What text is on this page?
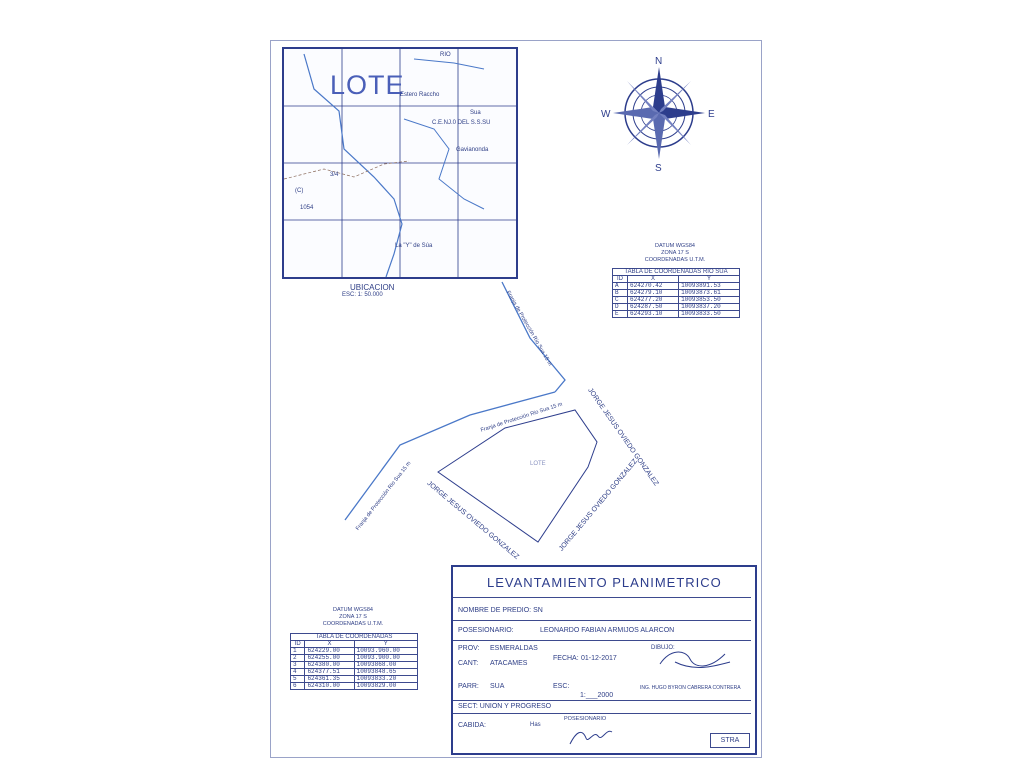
LOTE
RIO
Estero Raccho
Sua
C.E.NJ.0 DEL S.S.SU
Gavianonda
La "Y" de Súa
1054
3/4
(C)
UBICACION
ESC: 1: 50.000
N
S
W	E
DATUM WGS84
ZONA 17 S
COORDENADAS U.T.M.
TABLA DE COORDENADAS RIO SUA		
ID	X	Y
A	624270.42	10093891.53
B	624279.10	10093873.61
C	624277.20	10093853.50
D	624287.50	10093837.20
E	624293.10	10093833.50
LOTE
Franja de Protección Rio Sua 15 m
Franja de Protección Rio Sua 15 m
Franja de Protección Rio Sua 15 m
JORGE JESUS OVIEDO GONZALEZ
JORGE JESUS OVIEDO GONZALEZ
JORGE JESUS OVIEDO GONZALEZ
DATUM WGS84
ZONA 17 S
COORDENADAS U.T.M.
TABLA DE COORDENADAS		
ID	X	Y
1	624229.00	10093.960.00
2	624255.00	10093.900.00
3	624380.00	10093868.00
4	624377.51	10093848.65
5	624361.35	10093833.20
6	624310.00	10093829.00
LEVANTAMIENTO PLANIMETRICO
NOMBRE DE PREDIO: SN
POSESIONARIO:	LEONARDO FABIAN ARMIJOS ALARCON
PROV: ESMERALDAS
CANT: ATACAMES
FECHA: 01-12-2017
DIBUJO:
PARR: SUA	ESC:
1:___2000
ING. HUGO BYRON CABRERA CONTRERA
SECT: UNION Y PROGRESO
CABIDA:	Has
POSESIONARIO
STRA
